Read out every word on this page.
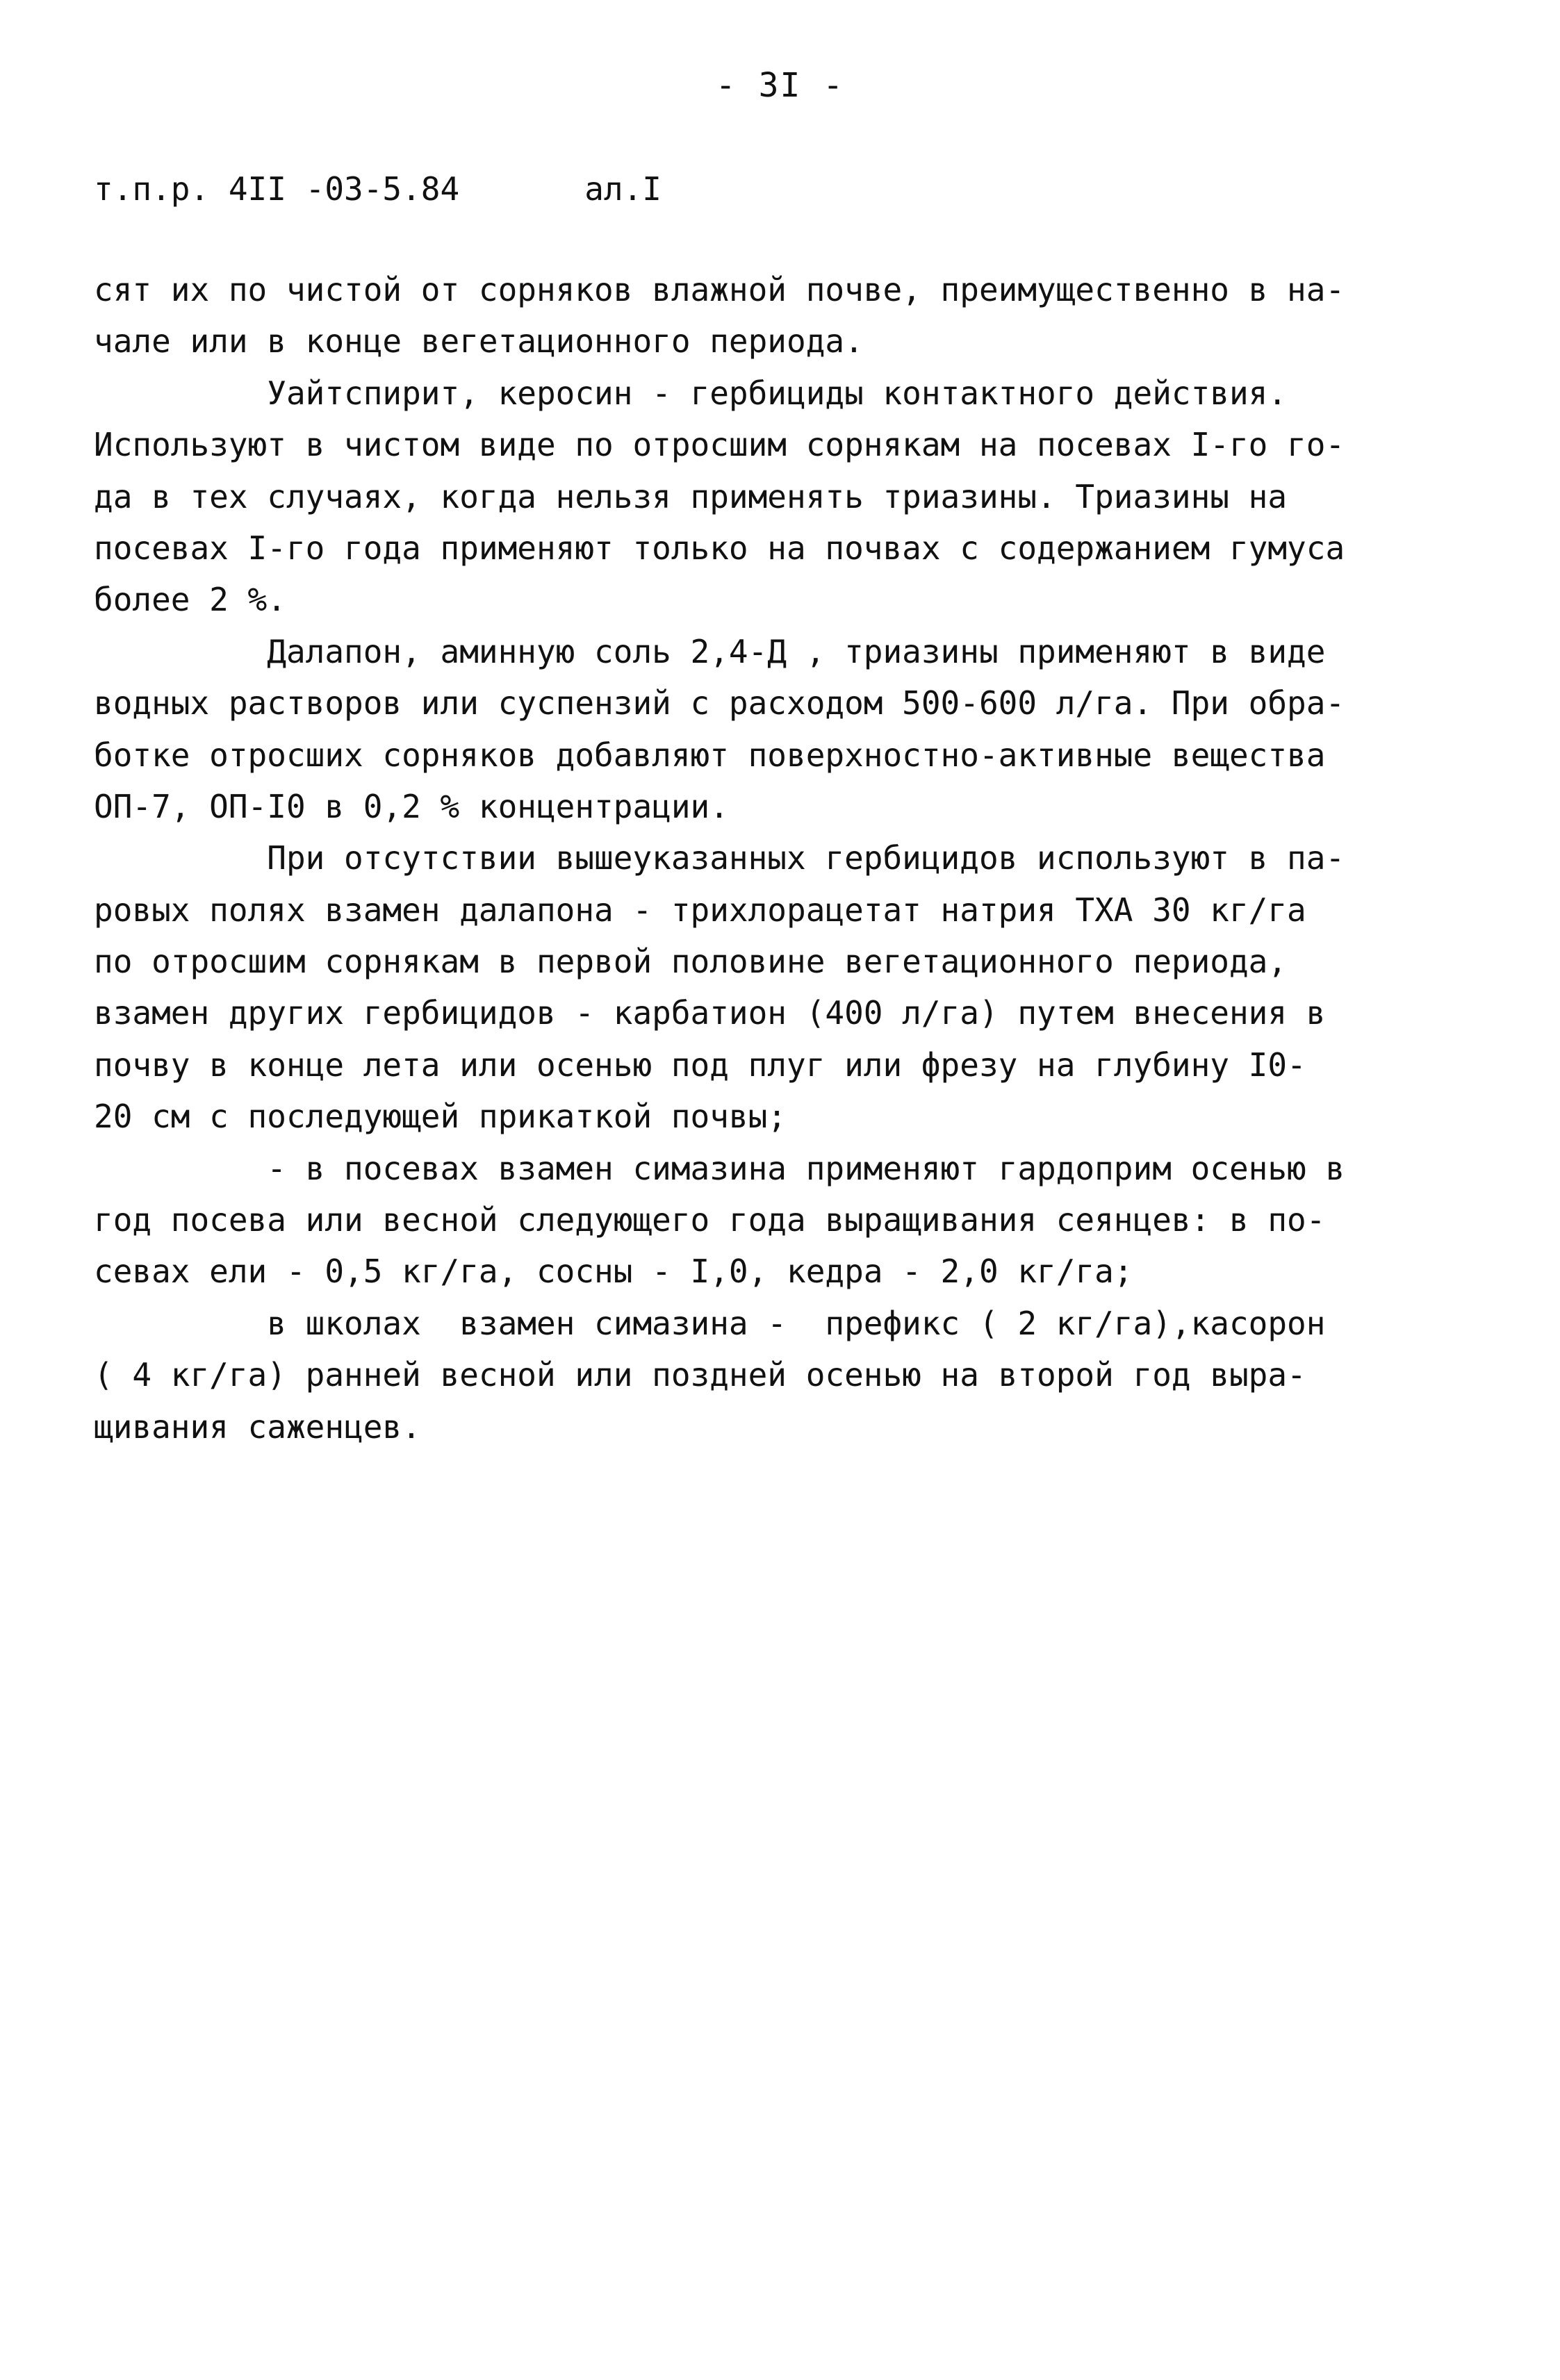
- 3I -
т.п.р. 4II -03-5.84	ал.I
сят их по чистой от сорняков влажной почве, преимущественно в на-
чале или в конце вегетационного периода.
Уайтспирит, керосин - гербициды контактного действия.
Используют в чистом виде по отросшим сорнякам на посевах I-го го-
да в тех случаях, когда нельзя применять триазины. Триазины на
посевах I-го года применяют только на почвах с содержанием гумуса
более 2 %.
Далапон, аминную соль 2,4-Д , триазины применяют в виде
водных растворов или суспензий с расходом 500-600 л/га. При обра-
ботке отросших сорняков добавляют поверхностно-активные вещества
ОП-7, ОП-I0 в 0,2 % концентрации.
При отсутствии вышеуказанных гербицидов используют в па-
ровых полях взамен далапона - трихлорацетат натрия ТХА 30 кг/га
по отросшим сорнякам в первой половине вегетационного периода,
взамен других гербицидов - карбатион (400 л/га) путем внесения в
почву в конце лета или осенью под плуг или фрезу на глубину I0-
20 см с последующей прикаткой почвы;
- в посевах взамен симазина применяют гардоприм осенью в
год посева или весной следующего года выращивания сеянцев: в по-
севах ели - 0,5 кг/га, сосны - I,0, кедра - 2,0 кг/га;
в школах  взамен симазина -  префикс ( 2 кг/га),касорон
( 4 кг/га) ранней весной или поздней осенью на второй год выра-
щивания саженцев.
